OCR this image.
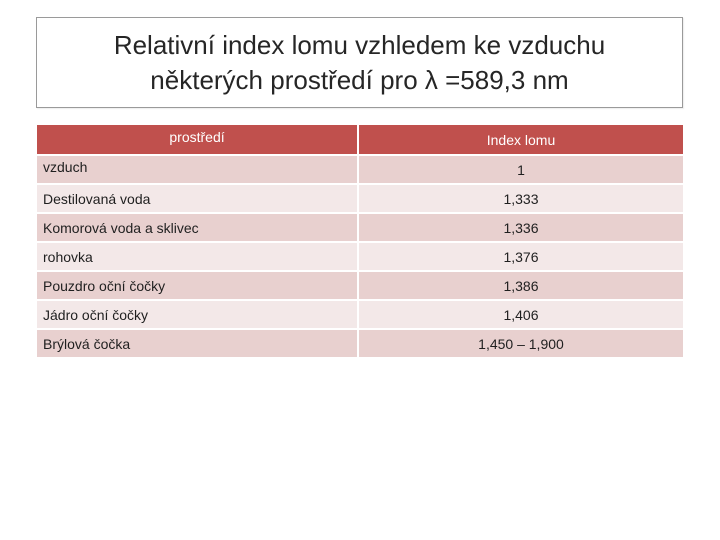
Relativní index lomu vzhledem ke vzduchu
některých prostředí pro λ =589,3 nm
prostředí	Index lomu
vzduch	1
Destilovaná voda	1,333
Komorová voda a sklivec	1,336
rohovka	1,376
Pouzdro oční čočky	1,386
Jádro oční čočky	1,406
Brýlová čočka	1,450 – 1,900
